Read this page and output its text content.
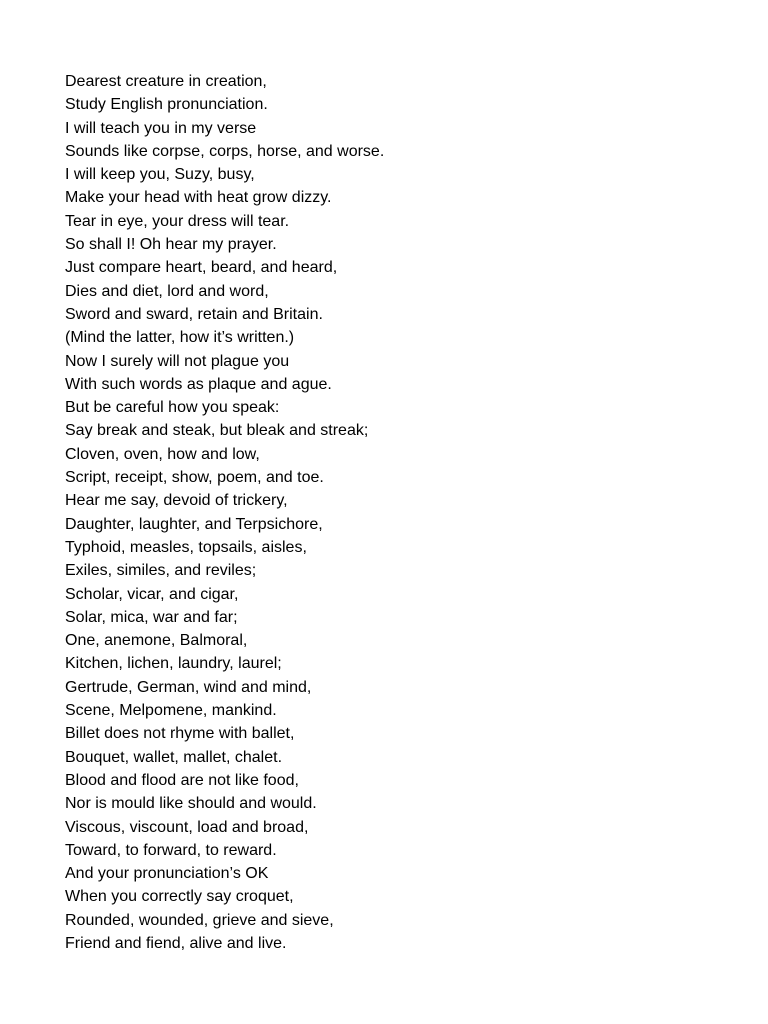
Dearest creature in creation,
Study English pronunciation.
I will teach you in my verse
Sounds like corpse, corps, horse, and worse.
I will keep you, Suzy, busy,
Make your head with heat grow dizzy.
Tear in eye, your dress will tear.
So shall I! Oh hear my prayer.
Just compare heart, beard, and heard,
Dies and diet, lord and word,
Sword and sward, retain and Britain.
(Mind the latter, how it’s written.)
Now I surely will not plague you
With such words as plaque and ague.
But be careful how you speak:
Say break and steak, but bleak and streak;
Cloven, oven, how and low,
Script, receipt, show, poem, and toe.
Hear me say, devoid of trickery,
Daughter, laughter, and Terpsichore,
Typhoid, measles, topsails, aisles,
Exiles, similes, and reviles;
Scholar, vicar, and cigar,
Solar, mica, war and far;
One, anemone, Balmoral,
Kitchen, lichen, laundry, laurel;
Gertrude, German, wind and mind,
Scene, Melpomene, mankind.
Billet does not rhyme with ballet,
Bouquet, wallet, mallet, chalet.
Blood and flood are not like food,
Nor is mould like should and would.
Viscous, viscount, load and broad,
Toward, to forward, to reward.
And your pronunciation’s OK
When you correctly say croquet,
Rounded, wounded, grieve and sieve,
Friend and fiend, alive and live.
